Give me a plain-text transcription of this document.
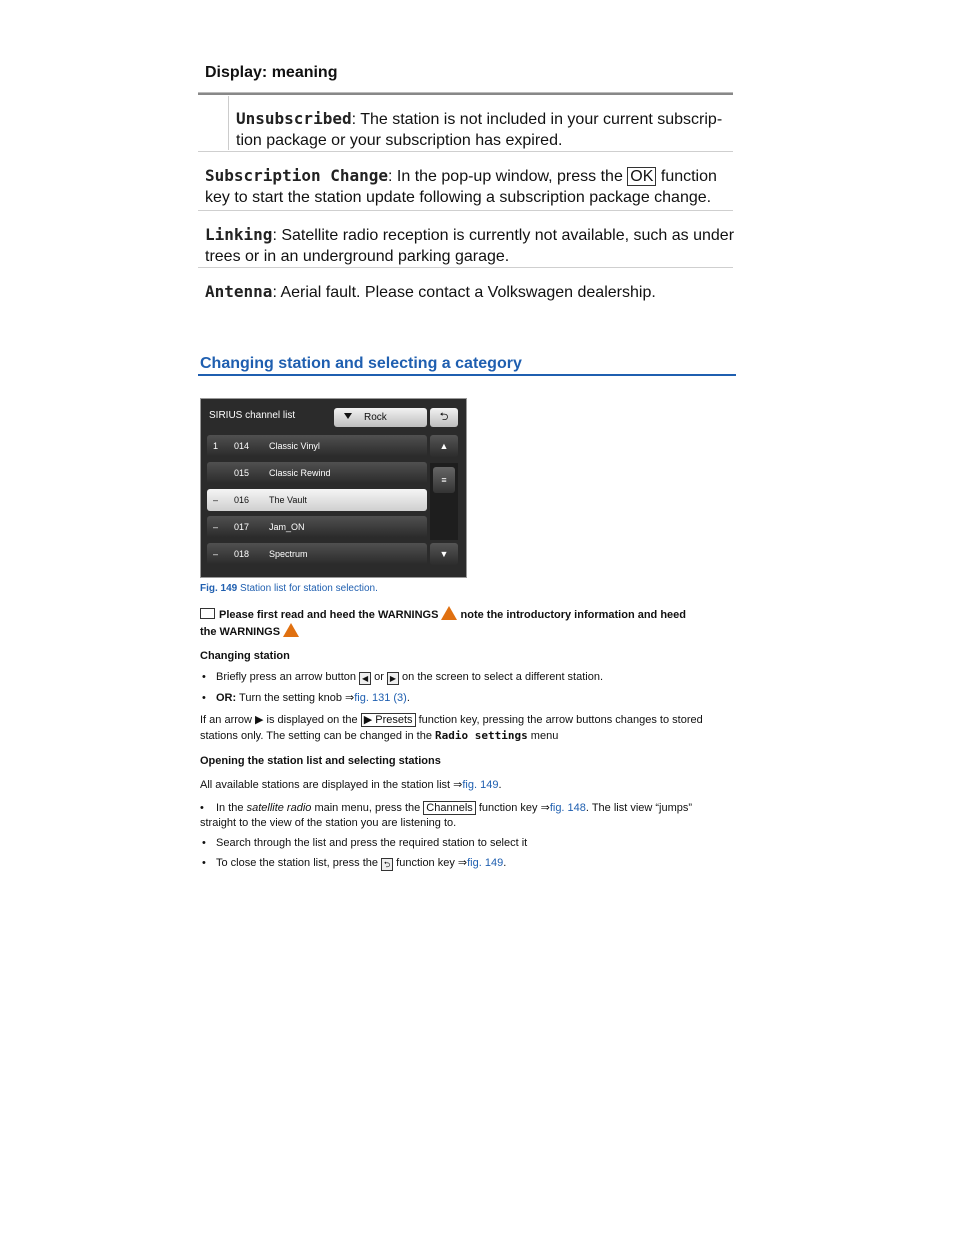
Display: meaning
Unsubscribed: The station is not included in your current subscrip-
tion package or your subscription has expired.
Subscription Change: In the pop-up window, press the OK function
key to start the station update following a subscription package change.
Linking: Satellite radio reception is currently not available, such as under
trees or in an underground parking garage.
Antenna: Aerial fault. Please contact a Volkswagen dealership.
Changing station and selecting a category
SIRIUS channel list	Rock	⮌
1 014 Classic Vinyl
015 Classic Rewind
– 016 The Vault
– 017 Jam_ON
– 018 Spectrum
▲
≡
▼
Fig. 149 Station list for station selection.
Please first read and heed the WARNINGS note the introductory information and heed
the WARNINGS
Changing station
• Briefly press an arrow button ◀ or ▶ on the screen to select a different station.
• OR: Turn the setting knob ⇒fig. 131 (3).
If an arrow ▶ is displayed on the ▶ Presets function key, pressing the arrow buttons changes to stored
stations only. The setting can be changed in the Radio settings menu
Opening the station list and selecting stations
All available stations are displayed in the station list ⇒fig. 149.
• In the satellite radio main menu, press the Channels function key ⇒fig. 148. The list view “jumps”
straight to the view of the station you are listening to.
• Search through the list and press the required station to select it
• To close the station list, press the ⮌ function key ⇒fig. 149.
